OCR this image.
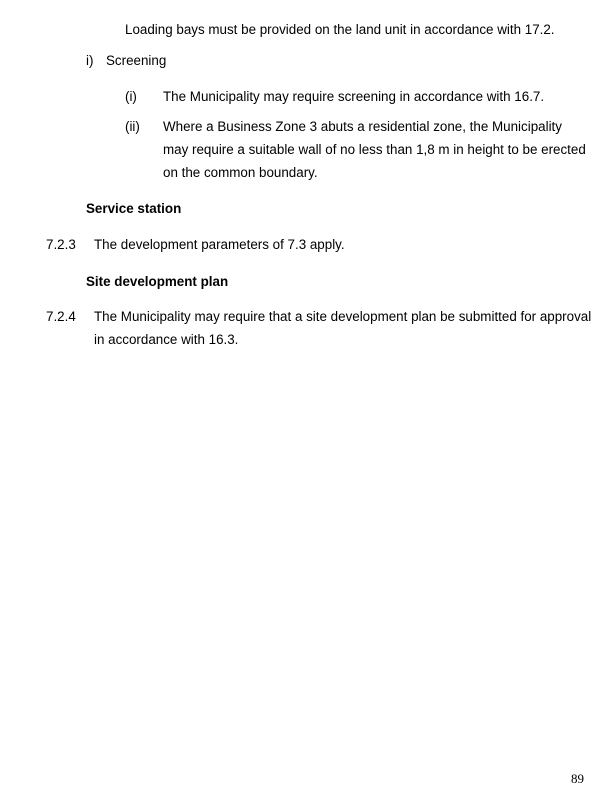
Loading bays must be provided on the land unit in accordance with 17.2.
i) Screening
(i) The Municipality may require screening in accordance with 16.7.
(ii) Where a Business Zone 3 abuts a residential zone, the Municipality
may require a suitable wall of no less than 1,8 m in height to be erected
on the common boundary.
Service station
7.2.3 The development parameters of 7.3 apply.
Site development plan
7.2.4 The Municipality may require that a site development plan be submitted for approval
in accordance with 16.3.
89
